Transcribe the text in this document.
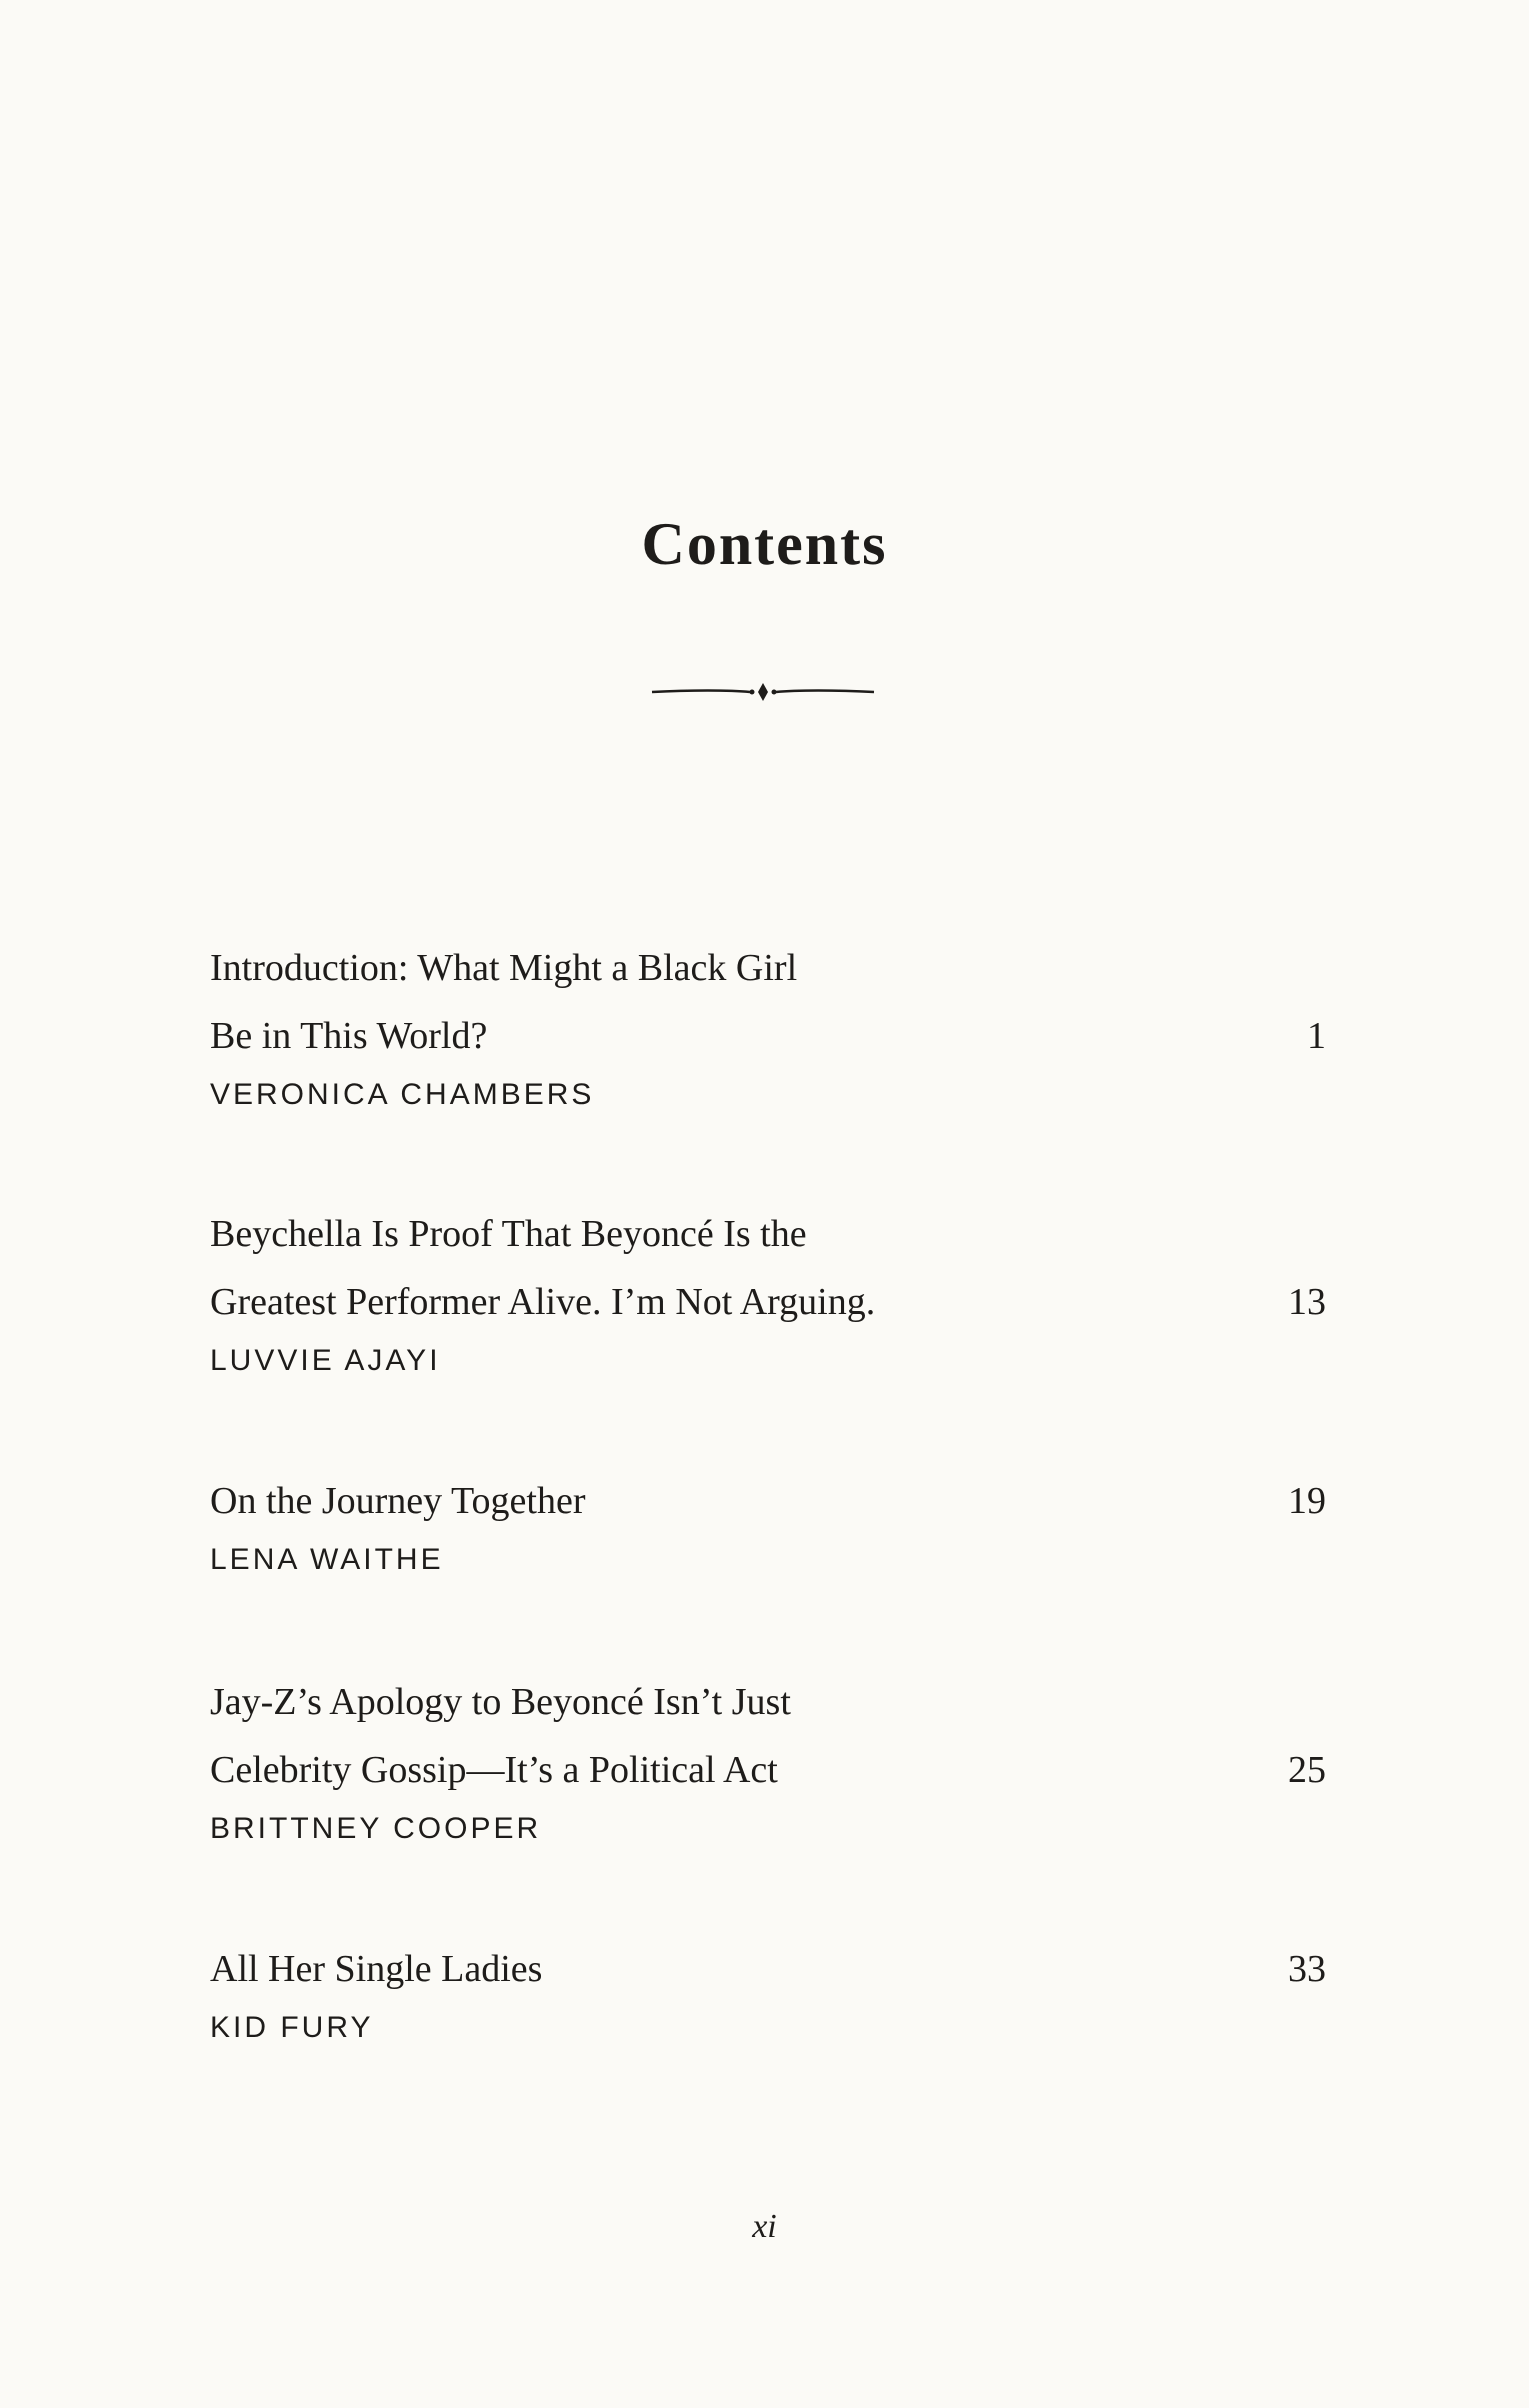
Contents
Introduction: What Might a Black Girl
Be in This World?	1
VERONICA CHAMBERS
Beychella Is Proof That Beyoncé Is the
Greatest Performer Alive. I’m Not Arguing.	13
LUVVIE AJAYI
On the Journey Together	19
LENA WAITHE
Jay-Z’s Apology to Beyoncé Isn’t Just
Celebrity Gossip—It’s a Political Act	25
BRITTNEY COOPER
All Her Single Ladies	33
KID FURY
xi
